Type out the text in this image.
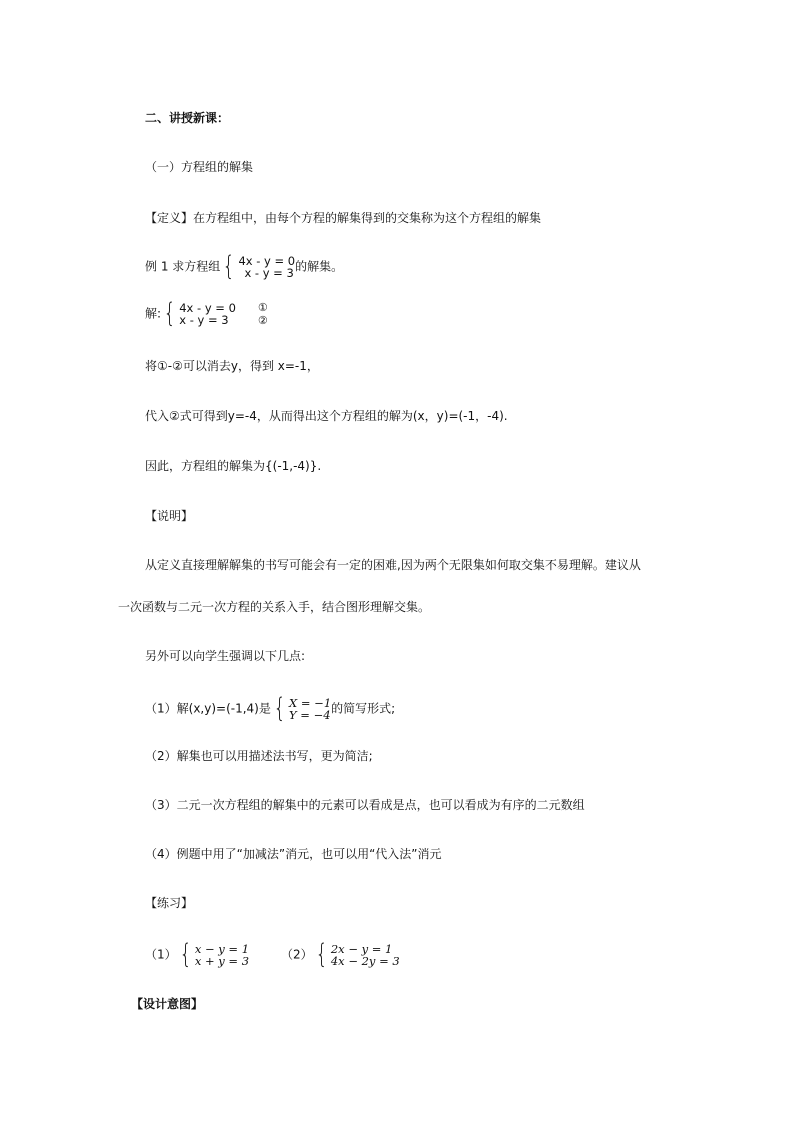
二、讲授新课：
（一）方程组的解集
【定义】在方程组中，由每个方程的解集得到的交集称为这个方程组的解集
例 1 求方程组 { 4x - y = 0
x - y = 3 的解集。
解: { 4x - y = 0
x - y = 3
①
②
将①-②可以消去y，得到 x=-1，
代入②式可得到y=-4，从而得出这个方程组的解为(x，y)=(-1，-4).
因此，方程组的解集为{(-1,-4)}.
【说明】
从定义直接理解解集的书写可能会有一定的困难,因为两个无限集如何取交集不易理解。建议从
一次函数与二元一次方程的关系入手，结合图形理解交集。
另外可以向学生强调以下几点:
（1）解(x,y)=(-1,4)是 { X = −1
Y = −4 的简写形式;
（2）解集也可以用描述法书写，更为简洁;
（3）二元一次方程组的解集中的元素可以看成是点，也可以看成为有序的二元数组
（4）例题中用了“加减法”消元，也可以用“代入法”消元
【练习】
（1） { x − y = 1
x + y = 3	（2） { 2x − y = 1
4x − 2y = 3
【设计意图】
